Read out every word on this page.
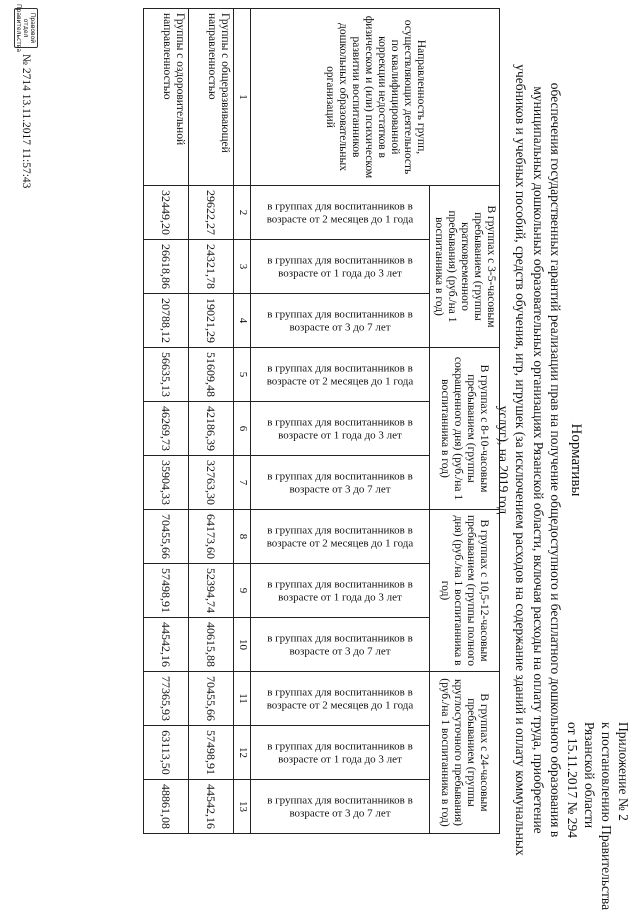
Приложение № 2
к постановлению Правительства
Рязанской области
от 15.11.2017 № 294
Нормативы
обеспечения государственных гарантий реализации прав на получение общедоступного и бесплатного дошкольного образования в муниципальных дошкольных образовательных организациях Рязанской области, включая расходы на оплату труда, приобретение учебников и учебных пособий, средств обучения, игр, игрушек (за исключением расходов на содержание зданий и оплату коммунальных услуг), на 2019 год
Направленность групп, осуществляющих деятельность по квалифицированной коррекции недостатков в физическом и (или) психическом развитии воспитанников дошкольных образовательных организаций	В группах с 3-5-часовым пребыванием (группы кратковременного пребывания) (руб./на 1 воспитанника в год)			В группах с 8-10-часовым пребыванием (группы сокращенного дня) (руб./на 1 воспитанника в год)			В группах с 10,5-12-часовым пребыванием (группы полного дня) (руб./на 1 воспитанника в год)			В группах с 24-часовым пребыванием (группы круглосуточного пребывания) (руб./на 1 воспитанника в год)		

	в группах для воспитанников в возрасте от 2 месяцев до 1 года	в группах для воспитанников в возрасте от 1 года до 3 лет	в группах для воспитанников в возрасте от 3 до 7 лет	в группах для воспитанников в возрасте от 2 месяцев до 1 года	в группах для воспитанников в возрасте от 1 года до 3 лет	в группах для воспитанников в возрасте от 3 до 7 лет	в группах для воспитанников в возрасте от 2 месяцев до 1 года	в группах для воспитанников в возрасте от 1 года до 3 лет	в группах для воспитанников в возрасте от 3 до 7 лет	в группах для воспитанников в возрасте от 2 месяцев до 1 года	в группах для воспитанников в возрасте от 1 года до 3 лет	в группах для воспитанников в возрасте от 3 до 7 лет

1	2	3	4	5	6	7	8	9	10	11	12	13
Группы с общеразвивающей направленностью	29622,27	24321,78	19021,29	51609,48	42186,39	32763,30	64173,60	52394,74	40615,88	70455,66	57498,91	44542,16
Группы с оздоровительной направленностью	32449,20	26618,86	20788,12	56635,13	46269,73	35904,33	70455,66	57498,91	44542,16	77365,93	63113,50	48861,08
Правовой отдел Правительства
№ 2714 13.11.2017 11:57:43
